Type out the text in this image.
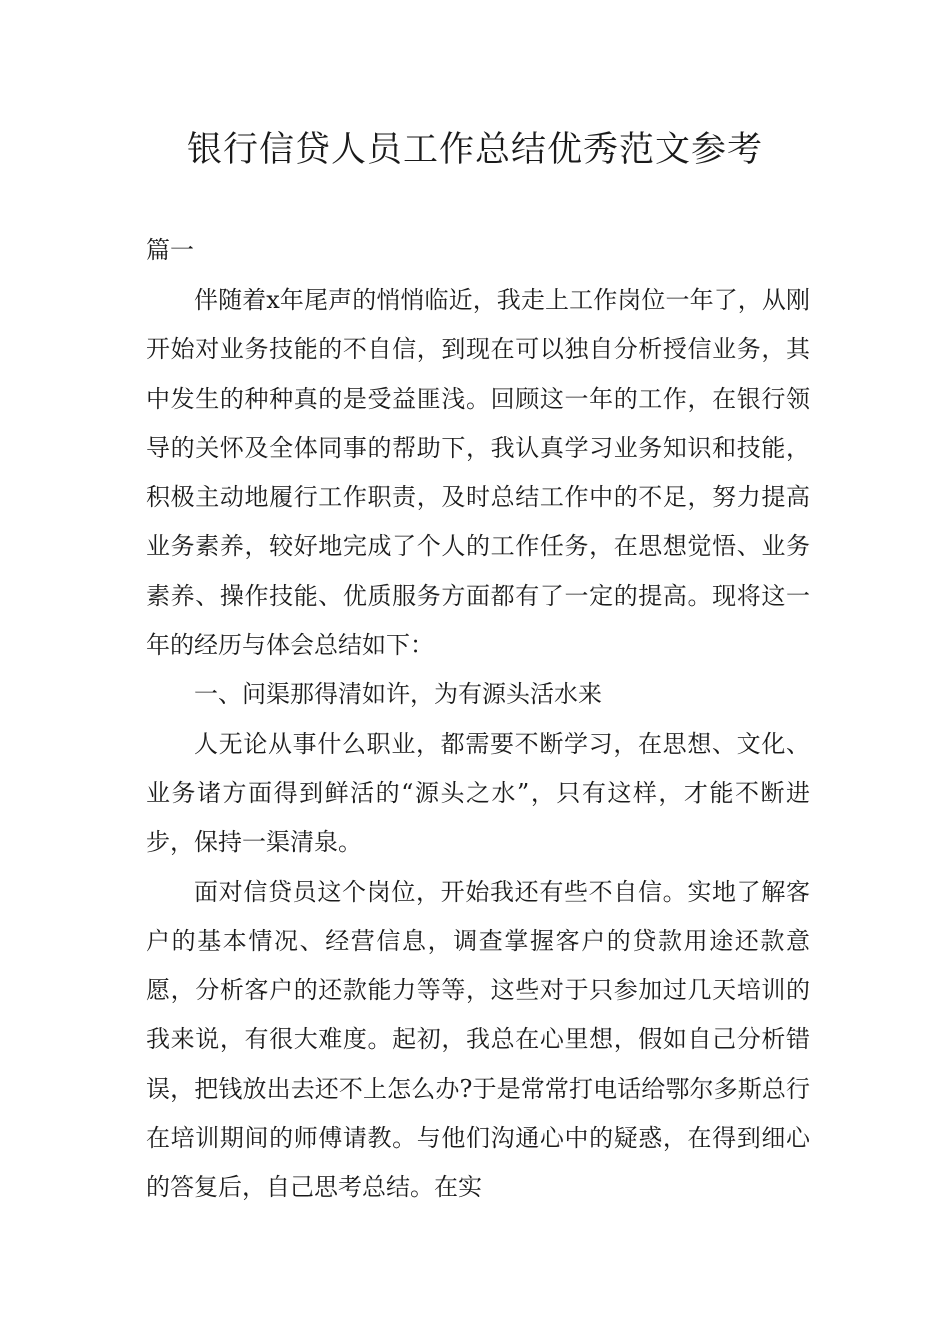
银行信贷人员工作总结优秀范文参考

篇一

伴随着x年尾声的悄悄临近，我走上工作岗位一年了，从刚开始对业务技能的不自信，到现在可以独自分析授信业务，其中发生的种种真的是受益匪浅。回顾这一年的工作，在银行领导的关怀及全体同事的帮助下，我认真学习业务知识和技能，积极主动地履行工作职责，及时总结工作中的不足，努力提高业务素养，较好地完成了个人的工作任务，在思想觉悟、业务素养、操作技能、优质服务方面都有了一定的提高。现将这一年的经历与体会总结如下：

一、问渠那得清如许，为有源头活水来

人无论从事什么职业，都需要不断学习，在思想、文化、业务诸方面得到鲜活的“源头之水”，只有这样，才能不断进步，保持一渠清泉。

面对信贷员这个岗位，开始我还有些不自信。实地了解客户的基本情况、经营信息，调查掌握客户的贷款用途还款意愿，分析客户的还款能力等等，这些对于只参加过几天培训的我来说，有很大难度。起初，我总在心里想，假如自己分析错误，把钱放出去还不上怎么办?于是常常打电话给鄂尔多斯总行在培训期间的师傅请教。与他们沟通心中的疑惑，在得到细心的答复后，自己思考总结。在实
